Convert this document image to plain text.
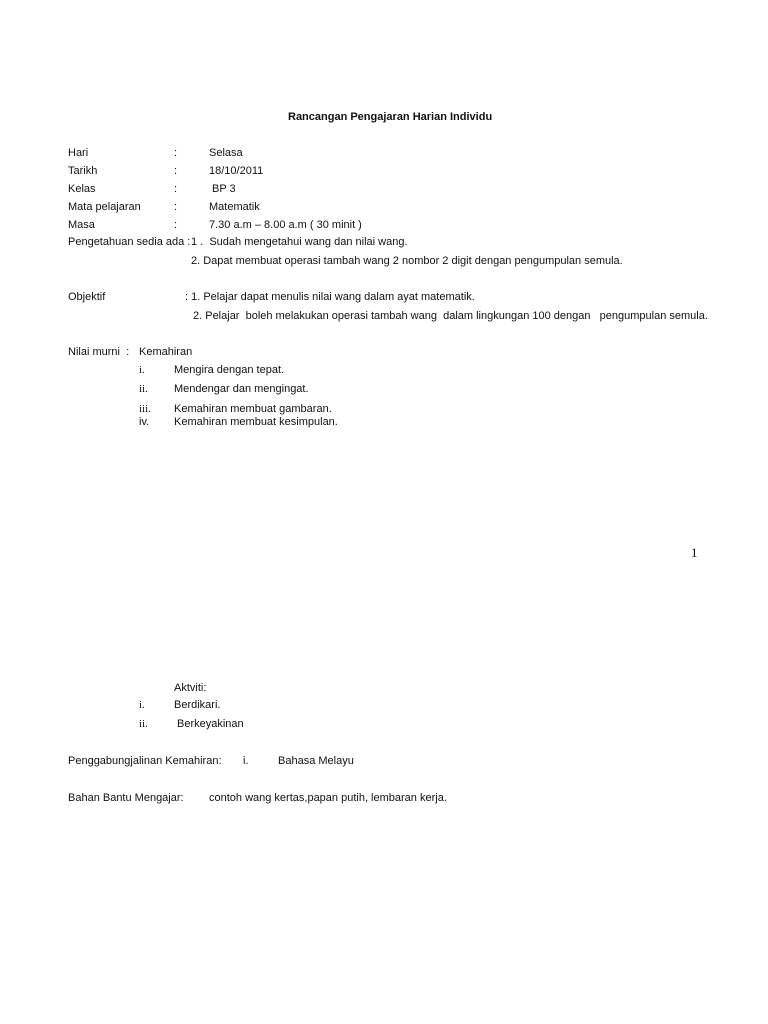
Rancangan Pengajaran Harian Individu
Hari	:	Selasa
Tarikh	:	18/10/2011
Kelas	:	BP 3
Mata pelajaran	:	Matematik
Masa	:	7.30 a.m – 8.00 a.m ( 30 minit )
Pengetahuan sedia ada : 1 .  Sudah mengetahui wang dan nilai wang.
2. Dapat membuat operasi tambah wang 2 nombor 2 digit dengan pengumpulan semula.
Objektif	: 1. Pelajar dapat menulis nilai wang dalam ayat matematik.
2. Pelajar  boleh melakukan operasi tambah wang  dalam lingkungan 100 dengan   pengumpulan semula.
Nilai murni  : Kemahiran
i.	Mengira dengan tepat.
ii. Mendengar dan mengingat.
iii. Kemahiran membuat gambaran.
iv. Kemahiran membuat kesimpulan.
1
Aktviti:
i.	Berdikari.
ii.	Berkeyakinan
Penggabungjalinan Kemahiran: i.	Bahasa Melayu
Bahan Bantu Mengajar: contoh wang kertas,papan putih, lembaran kerja.
